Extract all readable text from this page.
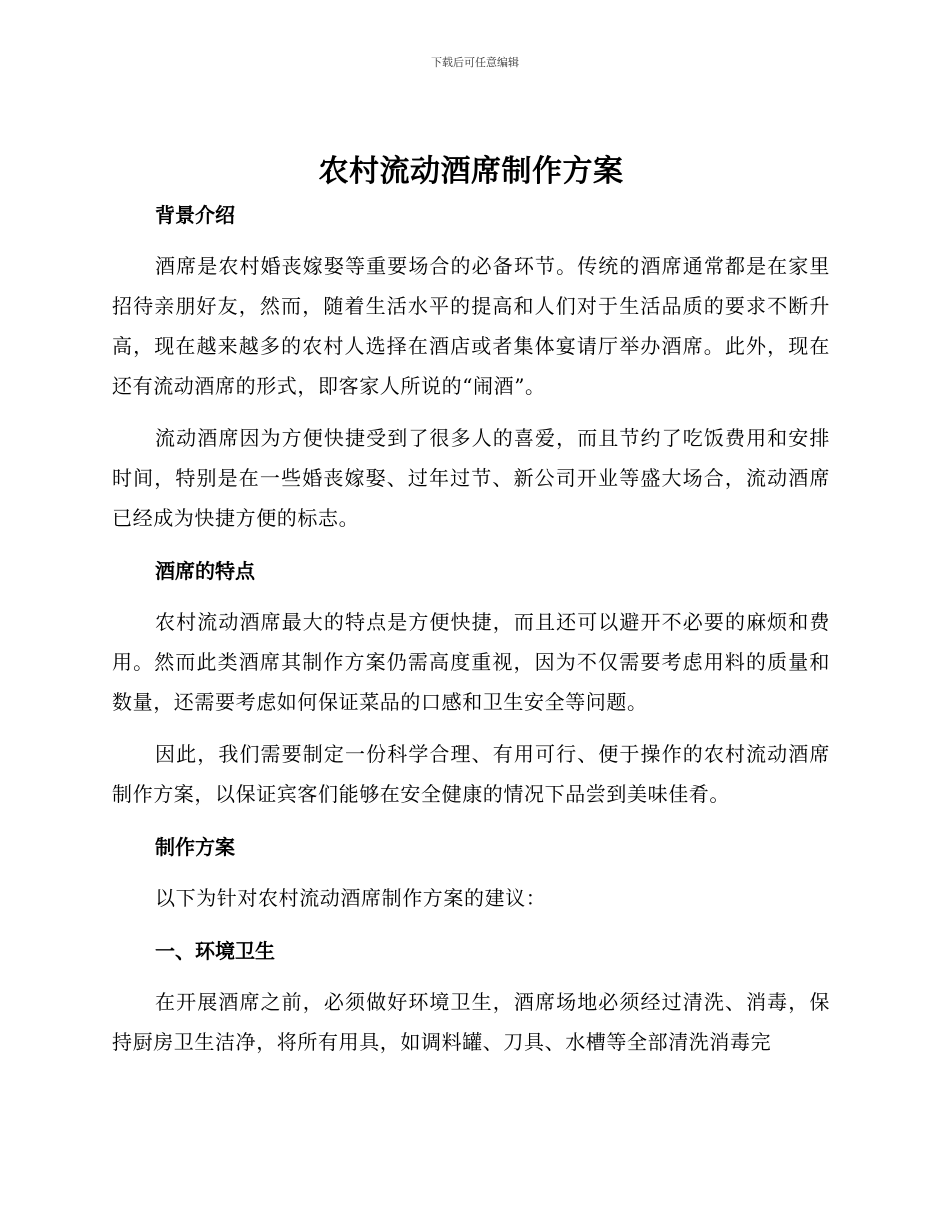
下载后可任意编辑
农村流动酒席制作方案

背景介绍

酒席是农村婚丧嫁娶等重要场合的必备环节。传统的酒席通常都是在家里招待亲朋好友，然而，随着生活水平的提高和人们对于生活品质的要求不断升高，现在越来越多的农村人选择在酒店或者集体宴请厅举办酒席。此外，现在还有流动酒席的形式，即客家人所说的“闹酒”。

流动酒席因为方便快捷受到了很多人的喜爱，而且节约了吃饭费用和安排时间，特别是在一些婚丧嫁娶、过年过节、新公司开业等盛大场合，流动酒席已经成为快捷方便的标志。

酒席的特点

农村流动酒席最大的特点是方便快捷，而且还可以避开不必要的麻烦和费用。然而此类酒席其制作方案仍需高度重视，因为不仅需要考虑用料的质量和数量，还需要考虑如何保证菜品的口感和卫生安全等问题。

因此，我们需要制定一份科学合理、有用可行、便于操作的农村流动酒席制作方案，以保证宾客们能够在安全健康的情况下品尝到美味佳肴。

制作方案

以下为针对农村流动酒席制作方案的建议：

一、环境卫生

在开展酒席之前，必须做好环境卫生，酒席场地必须经过清洗、消毒，保持厨房卫生洁净，将所有用具，如调料罐、刀具、水槽等全部清洗消毒完
